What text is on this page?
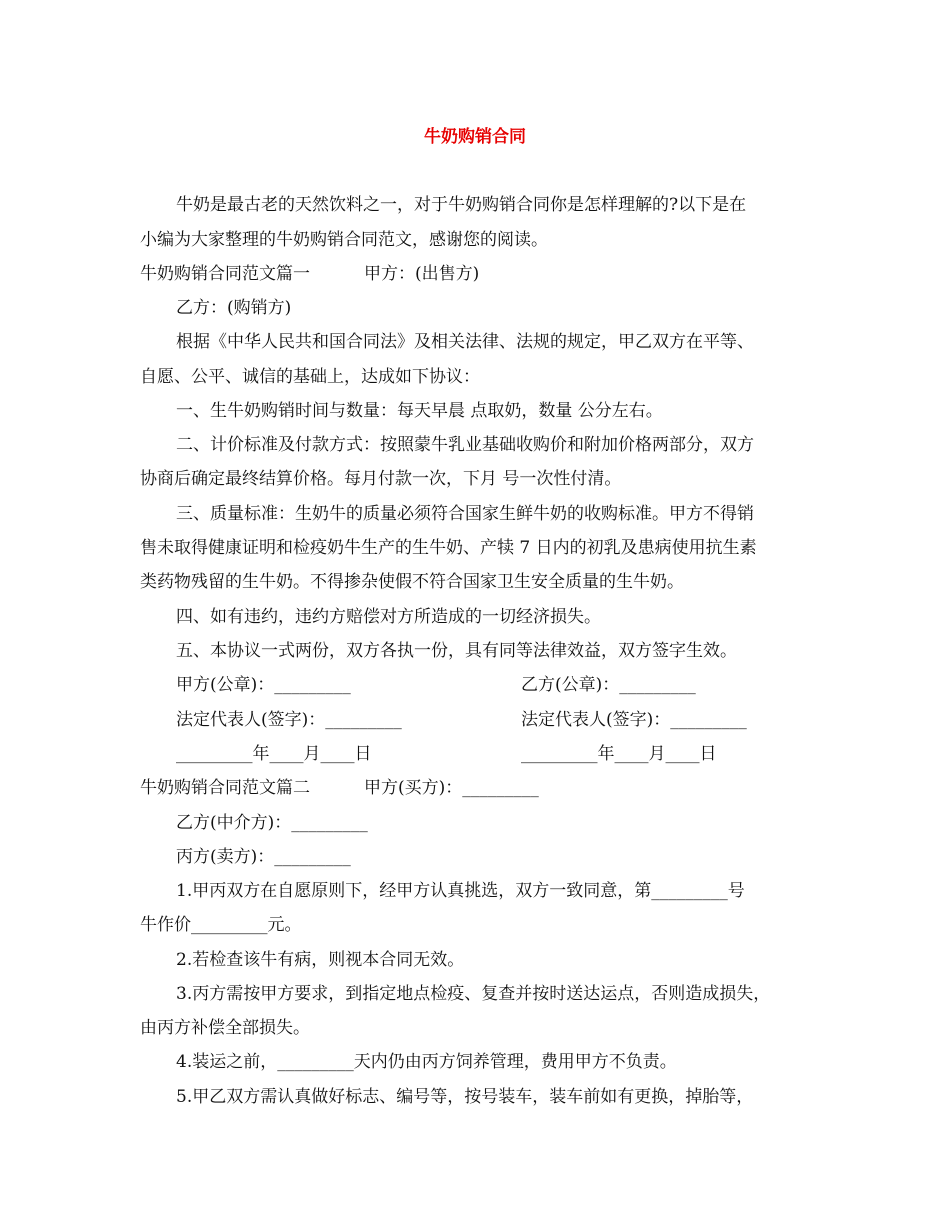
牛奶购销合同
牛奶是最古老的天然饮料之一，对于牛奶购销合同你是怎样理解的?以下是在
小编为大家整理的牛奶购销合同范文，感谢您的阅读。
牛奶购销合同范文篇一	甲方：(出售方)
乙方：(购销方)
根据《中华人民共和国合同法》及相关法律、法规的规定，甲乙双方在平等、
自愿、公平、诚信的基础上，达成如下协议：
一、生牛奶购销时间与数量：每天早晨 点取奶，数量 公分左右。
二、计价标准及付款方式：按照蒙牛乳业基础收购价和附加价格两部分，双方
协商后确定最终结算价格。每月付款一次，下月 号一次性付清。
三、质量标准：生奶牛的质量必须符合国家生鲜牛奶的收购标准。甲方不得销
售未取得健康证明和检疫奶牛生产的生牛奶、产犊 7 日内的初乳及患病使用抗生素
类药物残留的生牛奶。不得掺杂使假不符合国家卫生安全质量的生牛奶。
四、如有违约，违约方赔偿对方所造成的一切经济损失。
五、本协议一式两份，双方各执一份，具有同等法律效益，双方签字生效。
甲方(公章)：_________	乙方(公章)：_________
法定代表人(签字)：_________	法定代表人(签字)：_________
_________年____月____日	_________年____月____日
牛奶购销合同范文篇二	甲方(买方)：_________
乙方(中介方)：_________
丙方(卖方)：_________
1.甲丙双方在自愿原则下，经甲方认真挑选，双方一致同意，第_________号
牛作价_________元。
2.若检查该牛有病，则视本合同无效。
3.丙方需按甲方要求，到指定地点检疫、复查并按时送达运点，否则造成损失，
由丙方补偿全部损失。
4.装运之前，_________天内仍由丙方饲养管理，费用甲方不负责。
5.甲乙双方需认真做好标志、编号等，按号装车，装车前如有更换，掉胎等，
